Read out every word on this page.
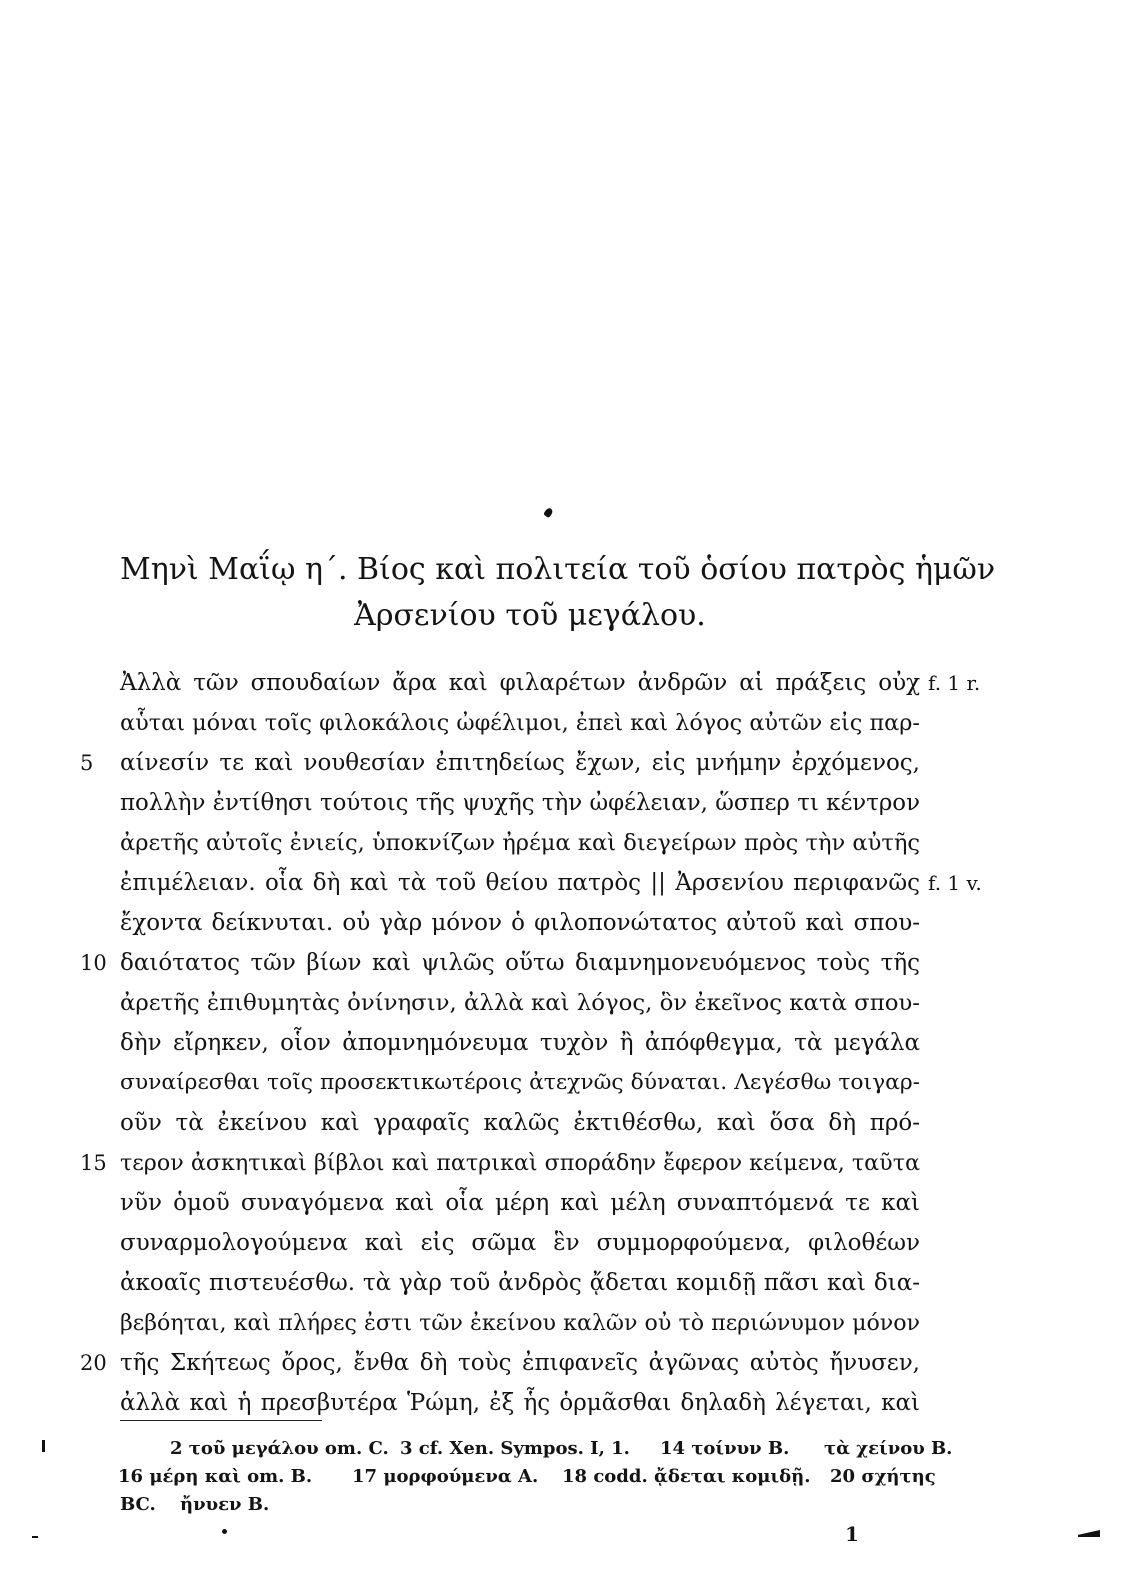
Μηνὶ Μαΐῳ η΄. Βίος καὶ πολιτεία τοῦ ὁσίου πατρὸς ἡμῶν
Ἀρσενίου τοῦ μεγάλου.
Ἀλλὰ τῶν σπουδαίων ἄρα καὶ φιλαρέτων ἀνδρῶν αἱ πράξεις οὐχ
αὗται μόναι τοῖς φιλοκάλοις ὠφέλιμοι, ἐπεὶ καὶ λόγος αὐτῶν εἰς παρ-
αίνεσίν τε καὶ νουθεσίαν ἐπιτηδείως ἔχων, εἰς μνήμην ἐρχόμενος,
πολλὴν ἐντίθησι τούτοις τῆς ψυχῆς τὴν ὠφέλειαν, ὥσπερ τι κέντρον
ἀρετῆς αὐτοῖς ἐνιείς, ὑποκνίζων ἠρέμα καὶ διεγείρων πρὸς τὴν αὐτῆς
ἐπιμέλειαν. οἷα δὴ καὶ τὰ τοῦ θείου πατρὸς || Ἀρσενίου περιφανῶς
ἔχοντα δείκνυται. οὐ γὰρ μόνον ὁ φιλοπονώτατος αὐτοῦ καὶ σπου-
δαιότατος τῶν βίων καὶ ψιλῶς οὕτω διαμνημονευόμενος τοὺς τῆς
ἀρετῆς ἐπιθυμητὰς ὀνίνησιν, ἀλλὰ καὶ λόγος, ὃν ἐκεῖνος κατὰ σπου-
δὴν εἴρηκεν, οἷον ἀπομνημόνευμα τυχὸν ἢ ἀπόφθεγμα, τὰ μεγάλα
συναίρεσθαι τοῖς προσεκτικωτέροις ἀτεχνῶς δύναται. Λεγέσθω τοιγαρ-
οῦν τὰ ἐκείνου καὶ γραφαῖς καλῶς ἐκτιθέσθω, καὶ ὅσα δὴ πρό-
τερον ἀσκητικαὶ βίβλοι καὶ πατρικαὶ σποράδην ἔφερον κείμενα, ταῦτα
νῦν ὁμοῦ συναγόμενα καὶ οἷα μέρη καὶ μέλη συναπτόμενά τε καὶ
συναρμολογούμενα καὶ εἰς σῶμα ἓν συμμορφούμενα, φιλοθέων
ἀκοαῖς πιστευέσθω. τὰ γὰρ τοῦ ἀνδρὸς ᾄδεται κομιδῇ πᾶσι καὶ δια-
βεβόηται, καὶ πλήρες ἐστι τῶν ἐκείνου καλῶν οὐ τὸ περιώνυμον μόνον
τῆς Σκήτεως ὄρος, ἔνθα δὴ τοὺς ἐπιφανεῖς ἀγῶνας αὐτὸς ἤνυσεν,
ἀλλὰ καὶ ἡ πρεσβυτέρα Ῥώμη, ἐξ ἧς ὁρμᾶσθαι δηλαδὴ λέγεται, καὶ
5
10
15
20
f. 1 r.
f. 1 v.
2 τοῦ μεγάλου om. C. 3 cf. Xen. Sympos. I, 1. 14 τοίνυν B. τὰ χείνου B.
16 μέρη καὶ om. B. 17 μορφούμενα A. 18 codd. ᾄδεται κομιδῇ. 20 σχήτης
BC. ἤνυεν B.
1
